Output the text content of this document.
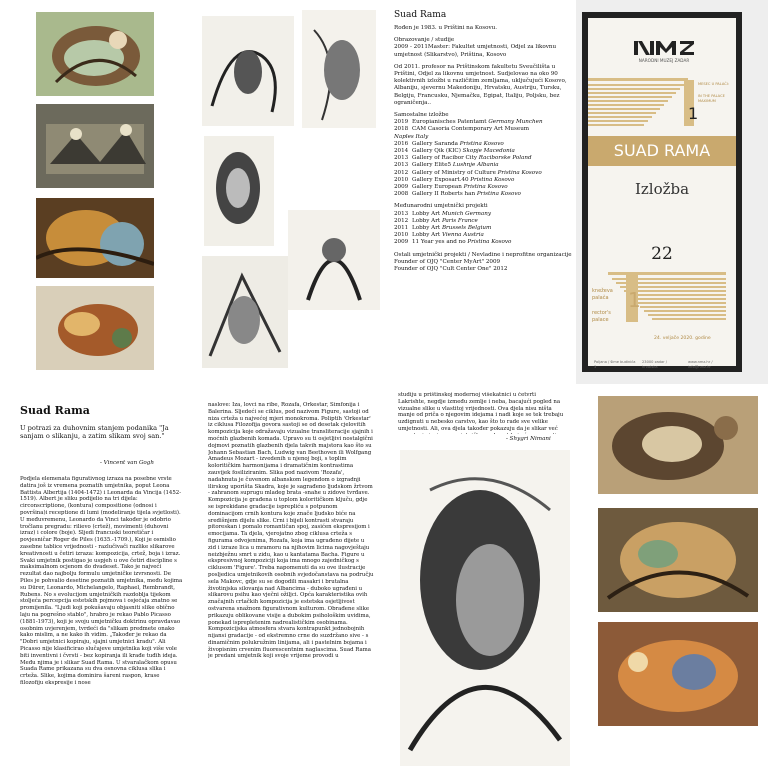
Suad Rama
Rođen je 1983. u Prištini na Kosovu.
Obrazovanje / studije
2009 - 2011Master: Fakultet umjetnosti, Odjel za likovnu umjetnost (Slikarstvo), Priština, Kosovo
Od 2011. profesor na Prištinskom fakultetu Sveučilišta u Prištini, Odjel za likovnu umjetnost. Sudjelovao na oko 90 kolektivnih izložbi u različitim zemljama, uključujući Kosovo, Albaniju, sjevernu Makedoniju, Hrvatsku, Austriju, Tursku, Belgiju, Francusku, Njemačku, Egipat, Italiju, Poljsku, bez ograničenja..
Samostalne izložbe
2019 Europianisches Patentamt Germany Munchen
2018 CAM Casoria Contemporary Art Museum
Naples Italy
2016 Gallery Saranda Pristina Kosovo
2014 Gallery Qik (KIC) Skopje Macedonia
2013 Gallery of Racibor City Raciborske Poland
2013 Gallery Elite5 Lushnje Albania
2012 Gallery of Ministry of Culture Pristina Kosovo
2010 Gallery Exposart.40 Pristina Kosovo
2009 Gallery European Pristina Kosovo
2008 Gallery II Roberts han Pristina Kosovo
Međunarodni umjetnički projekti
2013 Lobby Art Munich Germany
2012 Lobby Art Paris France
2011 Lobby Art Brussels Belgium
2010 Lobby Art Vienna Austria
2009 11 Year yes and no Pristina Kosovo
Ostali umjetnički projekti / Nevladine i neprofitne organizacije
Founder of OJQ "Center MyArt" 2009
Founder of OJQ "Cult Center One" 2012
NARODNI MUZEJ ZADAR
MESEC U PALAČI:
IN THE PALACE MAXIMUM
1
SUAD RAMA
Izložba
22
kneževa
palača
rector's
palace
1
24. veljače 2020. godine
Poljana / šime budinića 3
23000 zadar / hrvatska
www.nmz.hr / info@nmz.hr
Suad Rama
U potrazi za duhovnim stanjem podanika "Ja sanjam o slikanju, a zatim slikam svoj san."
- Vincent van Gogh
Podjela elemenata figurativnog izraza na posebne vrste datira još iz vremena poznatih umjetnika, poput Leona Battista Albertija (1404-1472) i Leonarda da Vincija (1452-1519). Albert je sliku podijelio na tri dijela: circonscriptione, (kontura) compositione (odnosi i površina)i receptione di lumi (modeliranje tijela svjetlosti). U međuvremenu, Leonardo da Vinci također je odobrio tročlanu pregradu: rilievo (crtež), movimenti (duhovni izraz) i colore (boje). Sljedi francuski teoretičar i povjesničar Roger de Piles (1635.-1709.), Koji je osmislio zasebne tablice vrijednosti - razlučivači razlike slikarove kreativnosti u četiri izraza: kompozicija, crtež, boja i izraz. Svaki umjetnik postigao je uspjeh u ove četiri discipline s maksimalnom ocjenom do dvadeset. Tako je najveći rezultat dao najbolju formulu umjetničke izvrsnosti. De Piles je pohvalio desetine poznatih umjetnika, među kojima su Dürer, Leonardo, Michelangelo, Raphael, Rembrandt, Rubens. No s evolucijom umjetničkih razdoblja tijekom stoljeća percepcija estetskih pojmova i osjećaja znatno se promijenila. "Ljudi koji pokušavaju objasniti slike obično laju na pogrešno stablo", hrabro je rekao Pablo Picasso (1881-1973), koji je svoju umjetničku doktrinu opravdavao osobnim uvjerenjem, tvrdeći da "slikam predmete onako kako mislim, a ne kako ih vidim. „Također je rekao da "Dobri umjetnici kopiraju, sjajni umjetnici kradu". Ali Picasso nije klasificirao slučajeve umjetnika koji više vole biti inventivni i čvrsti - bez kopiranja ili krađe tuđih ideja. Među njima je i slikar Suad Rama. U stvaralačkom opusu Suada Rame prikazana su dva osnovna ciklusa slika i crteža. Slike, kojima dominira šareni raspon, krase filozofiju ekspresije i nose
naslove: Iza, lovci na ribe, Rozafa, Orkestar, Simfonija i Balerina. Sljedeći se ciklus, pod nazivom Figure, sastoji od niza crteža u najvećoj mjeri monokroma. Poliptih 'Orkestar' iz ciklusa Filozofija govora sastoji se od desetak cjelovitih kompozicija koje odražavaju vizualne transliteracije sjajnih i moćnih glazbenih komada. Upravo su ti osjetljivi nostalgični dojmovi poznatih glazbenih djela takvih majstora kao što su Johann Sebastian Bach, Ludwig van Beethoven ili Wolfgang Amadeus Mozart - izvedenih u njenoj boji, s toplim koloritičkim harmonijama i dramatičnim kontrastima zauvijek fosiliziranim. Slika pod nazivom 'Rozafa', nadahnuta je čuvenom albanskom legendom o izgradnji ilirskog uporišta Skadra, koje je sagrađeno ljudskom žrtvom - zahranom suprugu mladeg brata -snahe u zidove tvrđave. Kompozicija je građena u toplom koloritičkom ključu, gdje se isprekidane gradacije isprepliću s potpunom dominacijom crnih kontura koje znače ljudsko biće na središnjem dijelu slike. Crni i bijeli kontrasti stvaraju pitoreskan i pomalo romantičan spoj, zasićen ekspresijom i emocijama. Ta djela, vjerojatno zbog ciklusa crteža s figurama odvojenima, Rozafa, koja ima ugrađeno dijete u zid i izraze lica u mramoru na njihovim licima nagovještaju neizbježnu smrt u zidu, kao u kantatama Bacha. Figure u ekspresivnoj kompoziciji koja ima mnogo zajedničkog s ciklusom 'Figure'. Treba napomenuti da su ove ilustracije posljedica umjetnikovih osobnih svjedočanstava na području sela Makovc, gdje su se dogodili masakri i brutalna životinjska silovanja nad Albancima - duboko ugrađeni u slikarovu psihu kao vječni ožiljci. Opća karakteristika ovih značajnih crtačkih kompozicija je estetska osjetljivost ostvarena snažnom figurativnom kulturom. Obrađene slike prikazuju oblikovane visije a dubokim psihološkim uvidima, ponekad isprepletenim nadrealističkim osobinama. Kompozicijska atmosfera stvara kontrapunkt jednobojnih nijansi gradacije - od ekstremno crne do suzdržano sive - s dinamičnim polukružnim linijama, ali i pastelnim bojama i živopisnim crvenim fluorescentnim naglascima. Suad Rama je predani umjetnik koji svoje vrijeme provodi u
studiju u prištinskoj modernoj višekatnici u četvrti Lakrishte, negdje između zemlje i neba, bacajući pogled na vizualne slike u vlastitoj vrijednosti. Ova djela nisu ništa manje od priča o njegovim idejama i nadi koje se tek trebaju uzdignuti u nebesko carstvo, kao što to rade sve velike umjetnosti. Ali, ova djela također pokazuju da je slikar već
- Shygri Nimani
